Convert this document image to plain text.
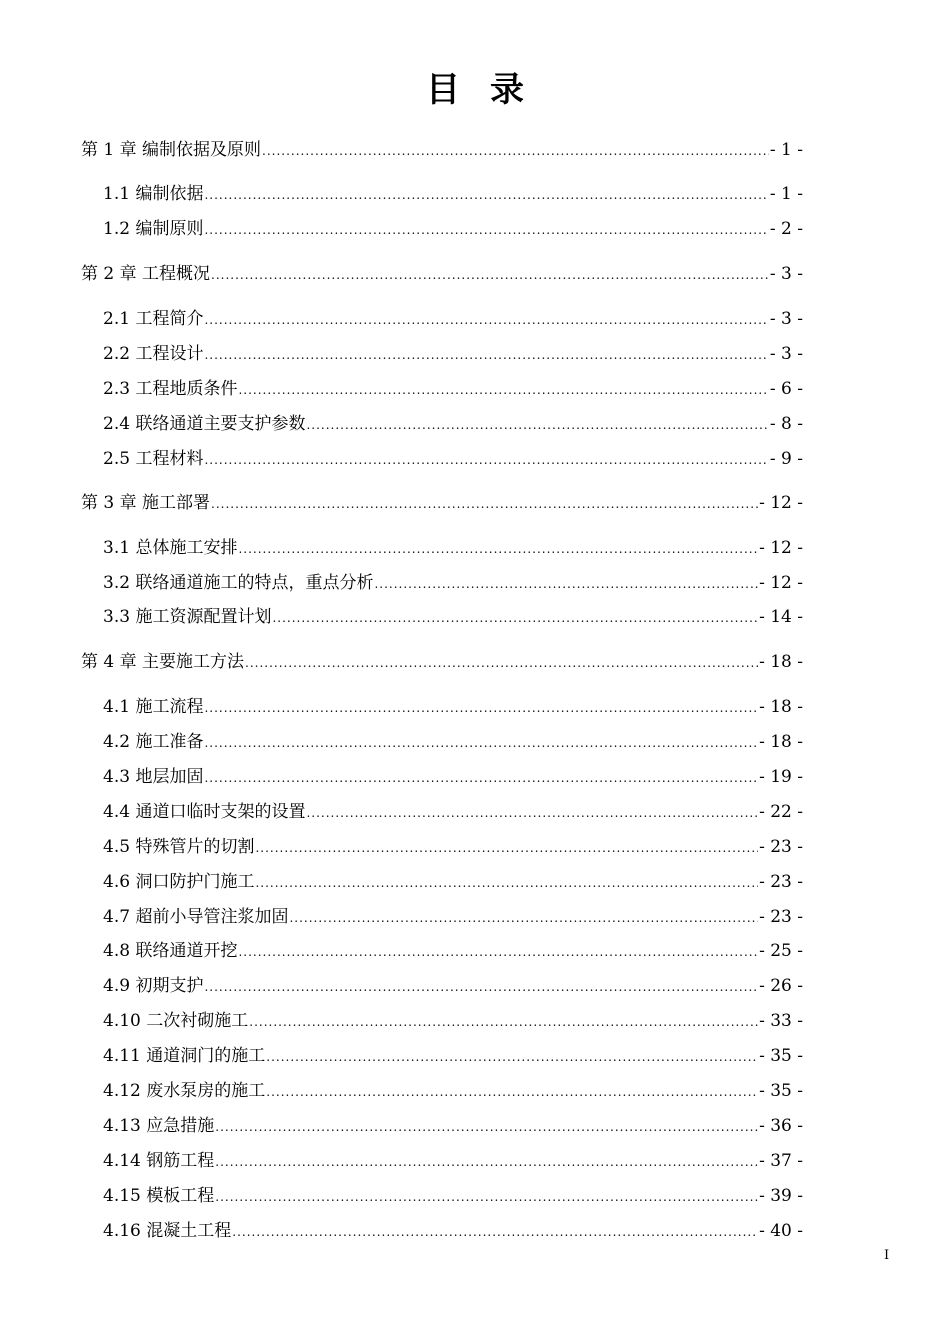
目 录
第 1 章 编制依据及原则 .....	- 1 -
1.1 编制依据 .....	- 1 -
1.2 编制原则 .....	- 2 -
第 2 章 工程概况 .....	- 3 -
2.1 工程简介 .....	- 3 -
2.2 工程设计 .....	- 3 -
2.3 工程地质条件 .....	- 6 -
2.4 联络通道主要支护参数 .....	- 8 -
2.5 工程材料 .....	- 9 -
第 3 章 施工部署 .....	- 12 -
3.1 总体施工安排 .....	- 12 -
3.2 联络通道施工的特点，重点分析 .....	- 12 -
3.3 施工资源配置计划 .....	- 14 -
第 4 章 主要施工方法 .....	- 18 -
4.1 施工流程 .....	- 18 -
4.2 施工准备 .....	- 18 -
4.3 地层加固 .....	- 19 -
4.4 通道口临时支架的设置 .....	- 22 -
4.5 特殊管片的切割 .....	- 23 -
4.6 洞口防护门施工 .....	- 23 -
4.7 超前小导管注浆加固 .....	- 23 -
4.8 联络通道开挖 .....	- 25 -
4.9 初期支护 .....	- 26 -
4.10 二次衬砌施工 .....	- 33 -
4.11 通道洞门的施工 .....	- 35 -
4.12 废水泵房的施工 .....	- 35 -
4.13 应急措施 .....	- 36 -
4.14 钢筋工程 .....	- 37 -
4.15 模板工程 .....	- 39 -
4.16 混凝土工程 .....	- 40 -
I
